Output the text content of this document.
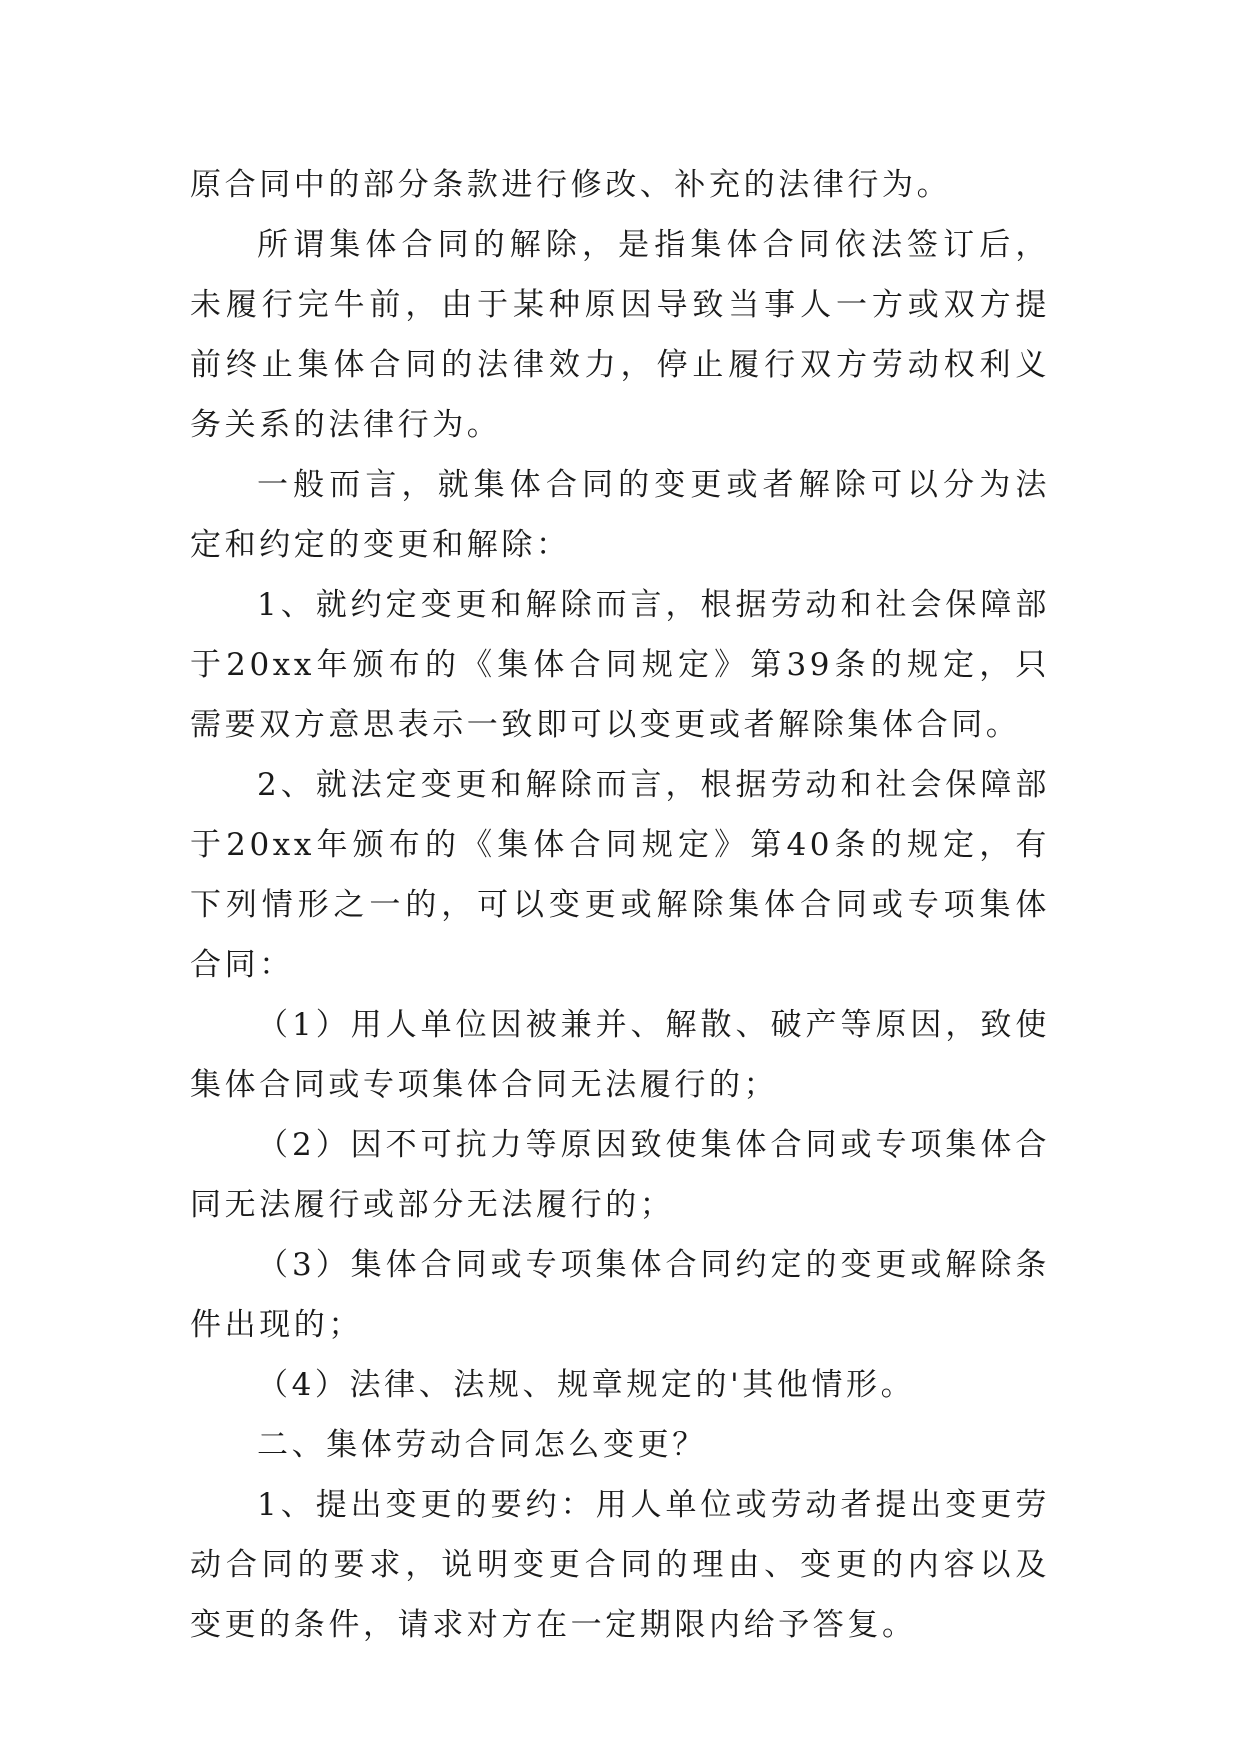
原合同中的部分条款进行修改、补充的法律行为。

所谓集体合同的解除，是指集体合同依法签订后，未履行完牛前，由于某种原因导致当事人一方或双方提前终止集体合同的法律效力，停止履行双方劳动权利义务关系的法律行为。

一般而言，就集体合同的变更或者解除可以分为法定和约定的变更和解除：

1、就约定变更和解除而言，根据劳动和社会保障部于20xx年颁布的《集体合同规定》第39条的规定，只需要双方意思表示一致即可以变更或者解除集体合同。

2、就法定变更和解除而言，根据劳动和社会保障部于20xx年颁布的《集体合同规定》第40条的规定，有下列情形之一的，可以变更或解除集体合同或专项集体合同：

（1）用人单位因被兼并、解散、破产等原因，致使集体合同或专项集体合同无法履行的；

（2）因不可抗力等原因致使集体合同或专项集体合同无法履行或部分无法履行的；

（3）集体合同或专项集体合同约定的变更或解除条件出现的；

（4）法律、法规、规章规定的'其他情形。

二、集体劳动合同怎么变更？

1、提出变更的要约：用人单位或劳动者提出变更劳动合同的要求，说明变更合同的理由、变更的内容以及变更的条件，请求对方在一定期限内给予答复。
